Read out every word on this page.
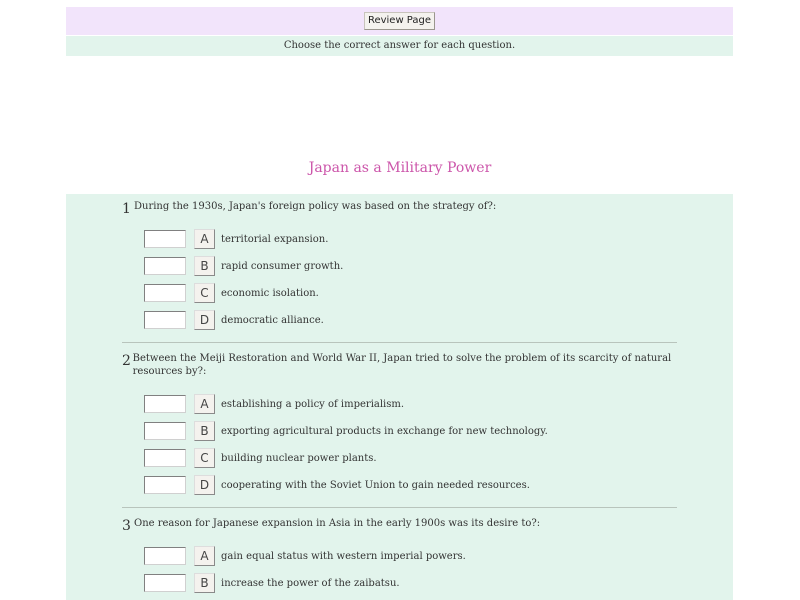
Review Page
Choose the correct answer for each question.
Japan as a Military Power
1 During the 1930s, Japan's foreign policy was based on the strategy of?:
A	territorial expansion.
B	rapid consumer growth.
C	economic isolation.
D	democratic alliance.
2 Between the Meiji Restoration and World War II, Japan tried to solve the problem of its scarcity of natural resources by?:
A	establishing a policy of imperialism.
B	exporting agricultural products in exchange for new technology.
C	building nuclear power plants.
D	cooperating with the Soviet Union to gain needed resources.
3 One reason for Japanese expansion in Asia in the early 1900s was its desire to?:
A	gain equal status with western imperial powers.
B	increase the power of the zaibatsu.
